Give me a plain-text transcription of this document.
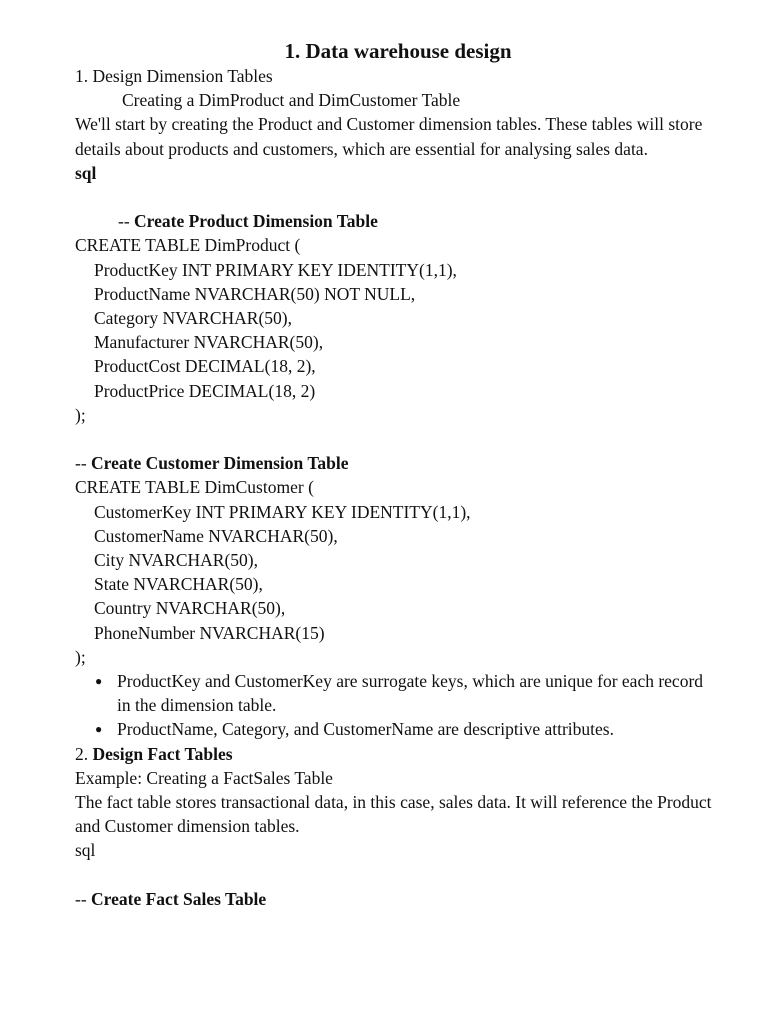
1. Data warehouse design

1. Design Dimension Tables

Creating a DimProduct and DimCustomer Table

We'll start by creating the Product and Customer dimension tables. These tables will store details about products and customers, which are essential for analysing sales data.

sql

-- Create Product Dimension Table

CREATE TABLE DimProduct (

ProductKey INT PRIMARY KEY IDENTITY(1,1),

ProductName NVARCHAR(50) NOT NULL,

Category NVARCHAR(50),

Manufacturer NVARCHAR(50),

ProductCost DECIMAL(18, 2),

ProductPrice DECIMAL(18, 2)

);

-- Create Customer Dimension Table

CREATE TABLE DimCustomer (

CustomerKey INT PRIMARY KEY IDENTITY(1,1),

CustomerName NVARCHAR(50),

City NVARCHAR(50),

State NVARCHAR(50),

Country NVARCHAR(50),

PhoneNumber NVARCHAR(15)

);

● ProductKey and CustomerKey are surrogate keys, which are unique for each record in the dimension table.
● ProductName, Category, and CustomerName are descriptive attributes.

2. Design Fact Tables

Example: Creating a FactSales Table

The fact table stores transactional data, in this case, sales data. It will reference the Product and Customer dimension tables.

sql

-- Create Fact Sales Table
